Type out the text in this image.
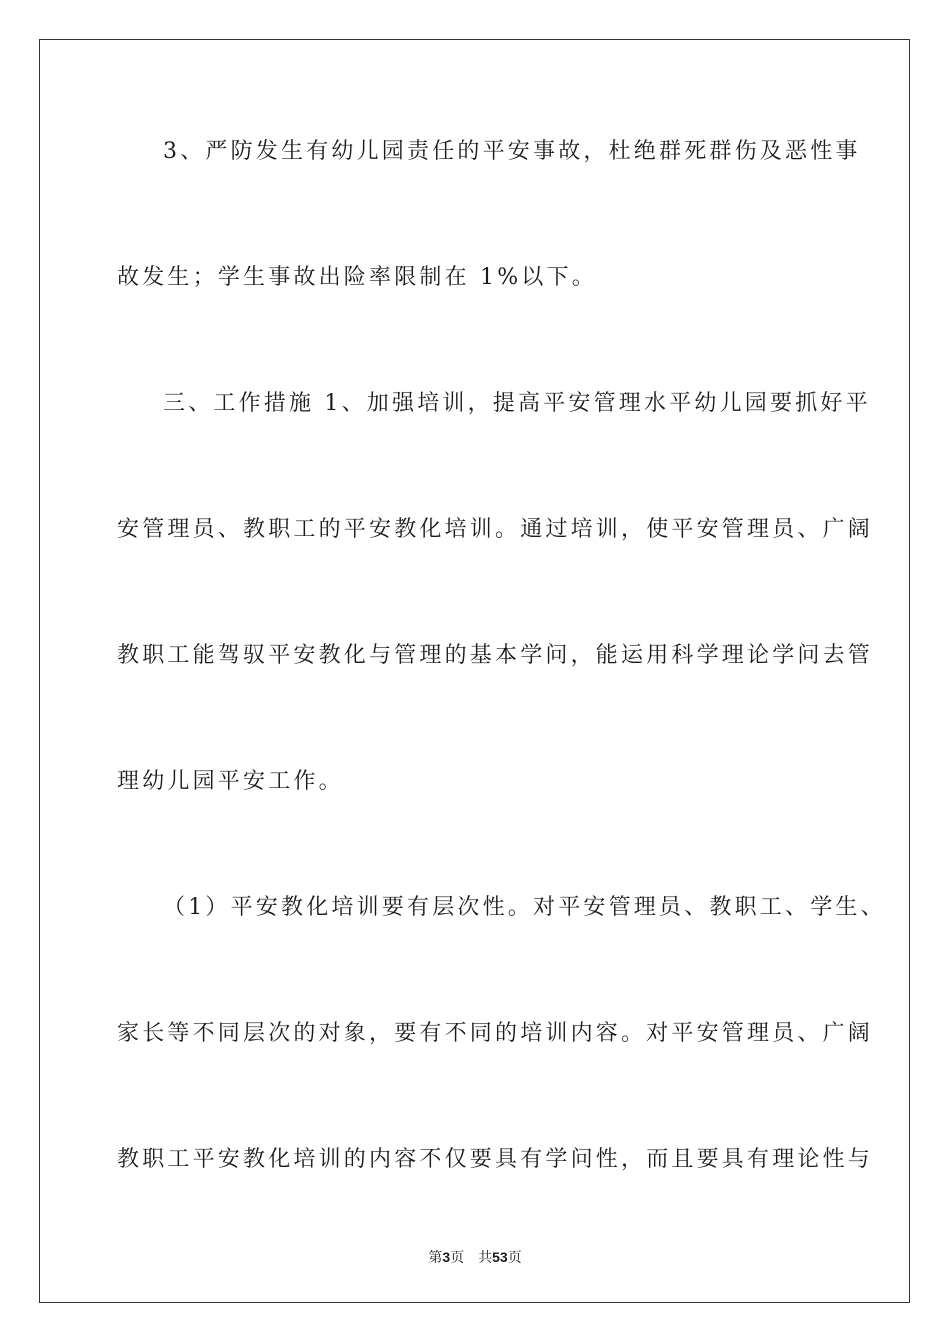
3、严防发生有幼儿园责任的平安事故，杜绝群死群伤及恶性事
故发生；学生事故出险率限制在 1%以下。
三、工作措施 1、加强培训，提高平安管理水平幼儿园要抓好平
安管理员、教职工的平安教化培训。通过培训，使平安管理员、广阔
教职工能驾驭平安教化与管理的基本学问，能运用科学理论学问去管
理幼儿园平安工作。
（1）平安教化培训要有层次性。对平安管理员、教职工、学生、
家长等不同层次的对象，要有不同的培训内容。对平安管理员、广阔
教职工平安教化培训的内容不仅要具有学问性，而且要具有理论性与
第3页 共53页
